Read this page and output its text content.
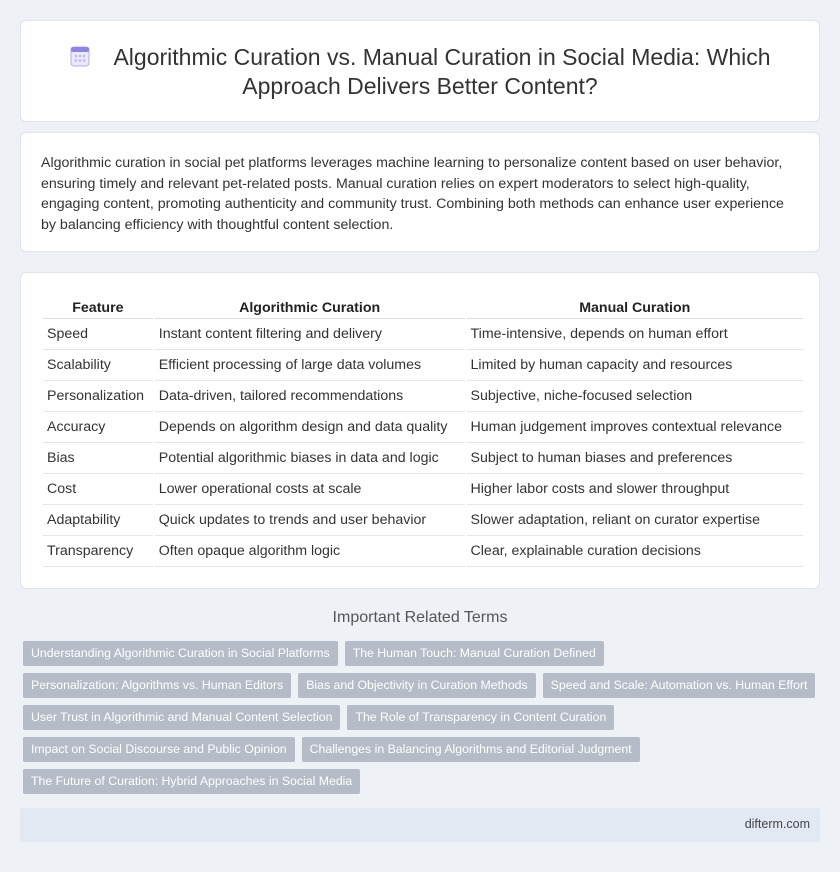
Algorithmic Curation vs. Manual Curation in Social Media: Which Approach Delivers Better Content?

Algorithmic curation in social pet platforms leverages machine learning to personalize content based on user behavior, ensuring timely and relevant pet-related posts. Manual curation relies on expert moderators to select high-quality, engaging content, promoting authenticity and community trust. Combining both methods can enhance user experience by balancing efficiency with thoughtful content selection.

Feature	Algorithmic Curation	Manual Curation
Speed	Instant content filtering and delivery	Time-intensive, depends on human effort
Scalability	Efficient processing of large data volumes	Limited by human capacity and resources
Personalization	Data-driven, tailored recommendations	Subjective, niche-focused selection
Accuracy	Depends on algorithm design and data quality	Human judgement improves contextual relevance
Bias	Potential algorithmic biases in data and logic	Subject to human biases and preferences
Cost	Lower operational costs at scale	Higher labor costs and slower throughput
Adaptability	Quick updates to trends and user behavior	Slower adaptation, reliant on curator expertise
Transparency	Often opaque algorithm logic	Clear, explainable curation decisions
Important Related Terms
Understanding Algorithmic Curation in Social Platforms	The Human Touch: Manual Curation Defined
Personalization: Algorithms vs. Human Editors	Bias and Objectivity in Curation Methods	Speed and Scale: Automation vs. Human Effort
User Trust in Algorithmic and Manual Content Selection	The Role of Transparency in Content Curation
Impact on Social Discourse and Public Opinion	Challenges in Balancing Algorithms and Editorial Judgment
The Future of Curation: Hybrid Approaches in Social Media
difterm.com
